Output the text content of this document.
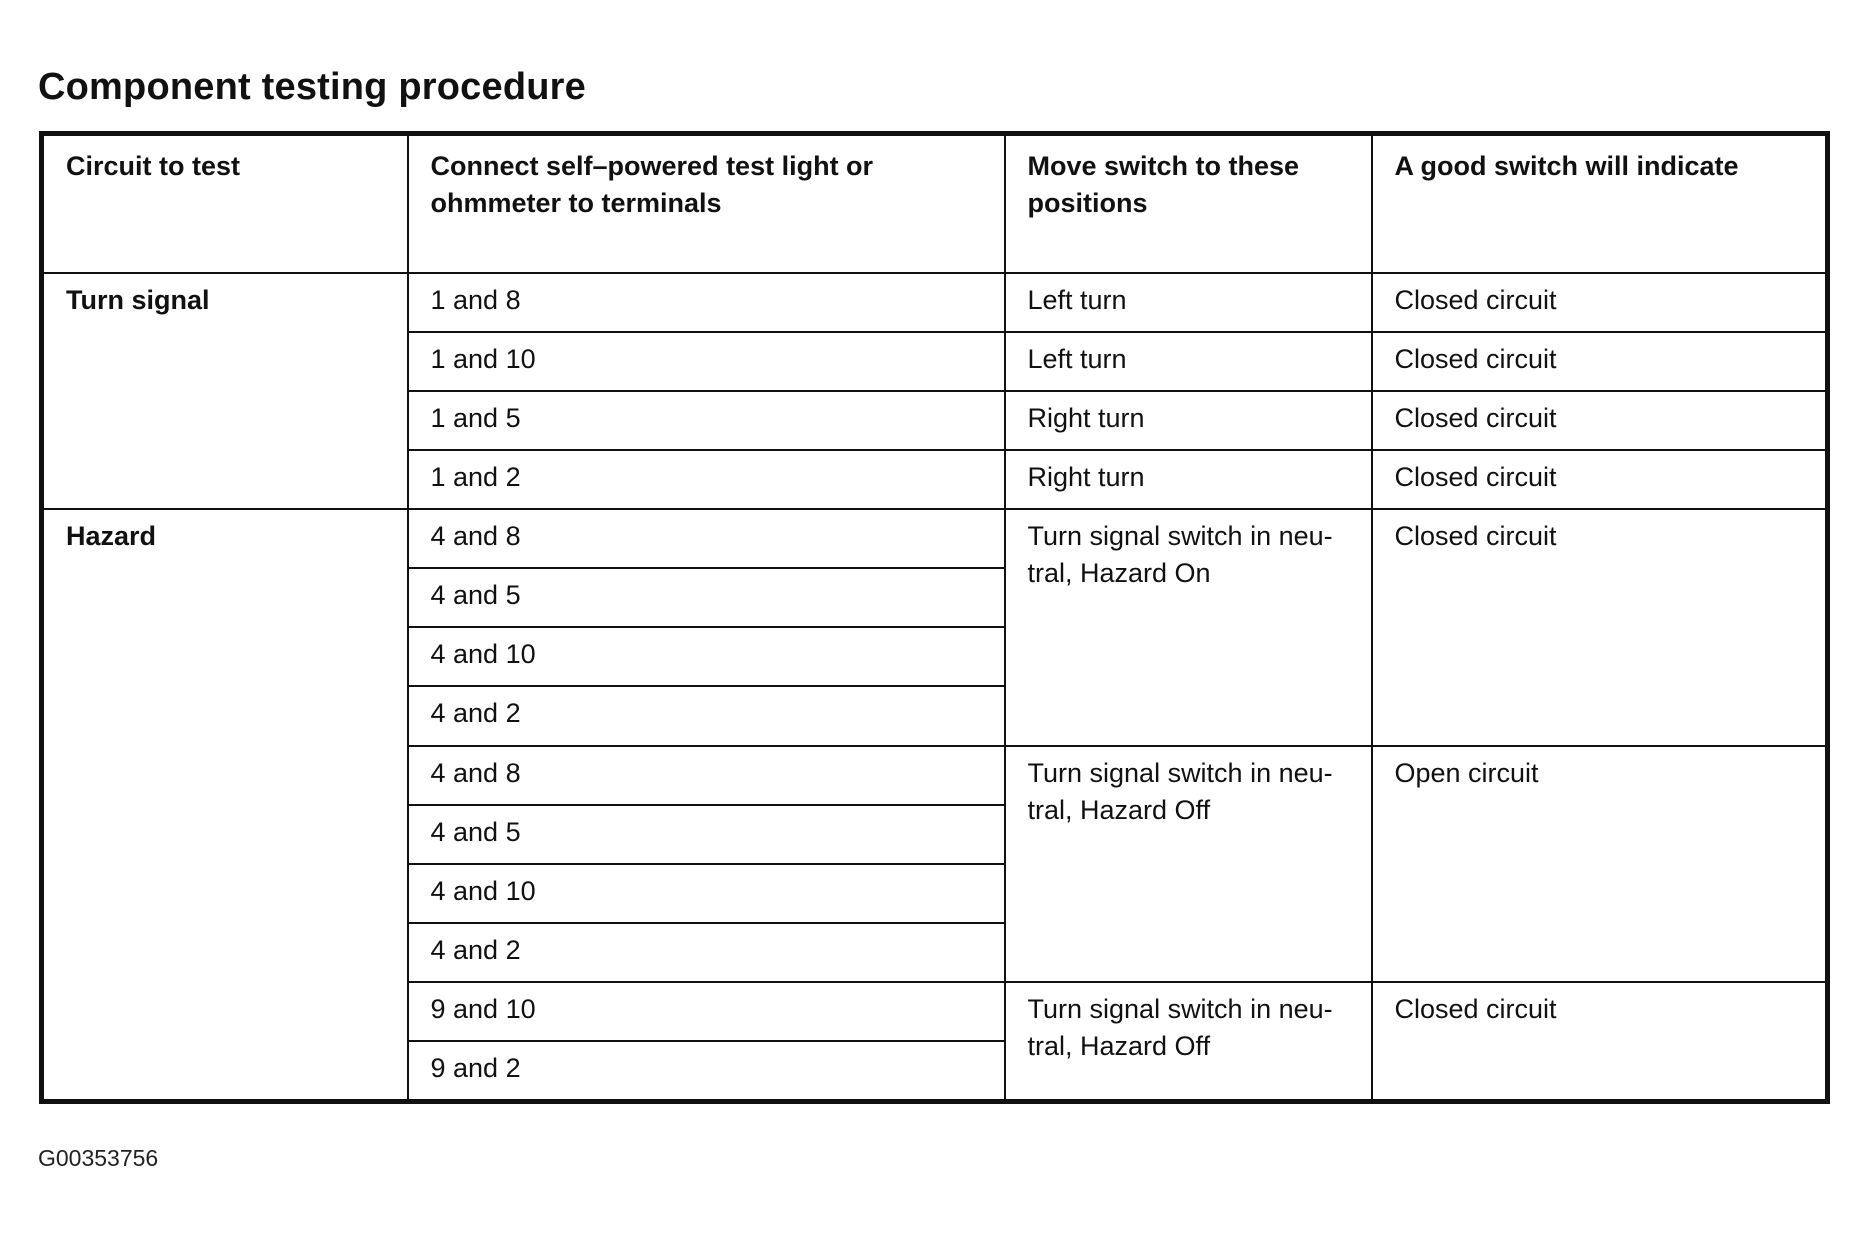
Component testing procedure
Circuit to test	Connect self–powered test light or ohmmeter to terminals	Move switch to these positions	A good switch will indicate
Turn signal	1 and 8	Left turn	Closed circuit
	1 and 10	Left turn	Closed circuit
	1 and 5	Right turn	Closed circuit
	1 and 2	Right turn	Closed circuit
Hazard	4 and 8	Turn signal switch in neu-tral, Hazard On	Closed circuit
	4 and 5		
	4 and 10		
	4 and 2		
	4 and 8	Turn signal switch in neu-tral, Hazard Off	Open circuit
	4 and 5		
	4 and 10		
	4 and 2		
	9 and 10	Turn signal switch in neu-tral, Hazard Off	Closed circuit
	9 and 2		
G00353756
